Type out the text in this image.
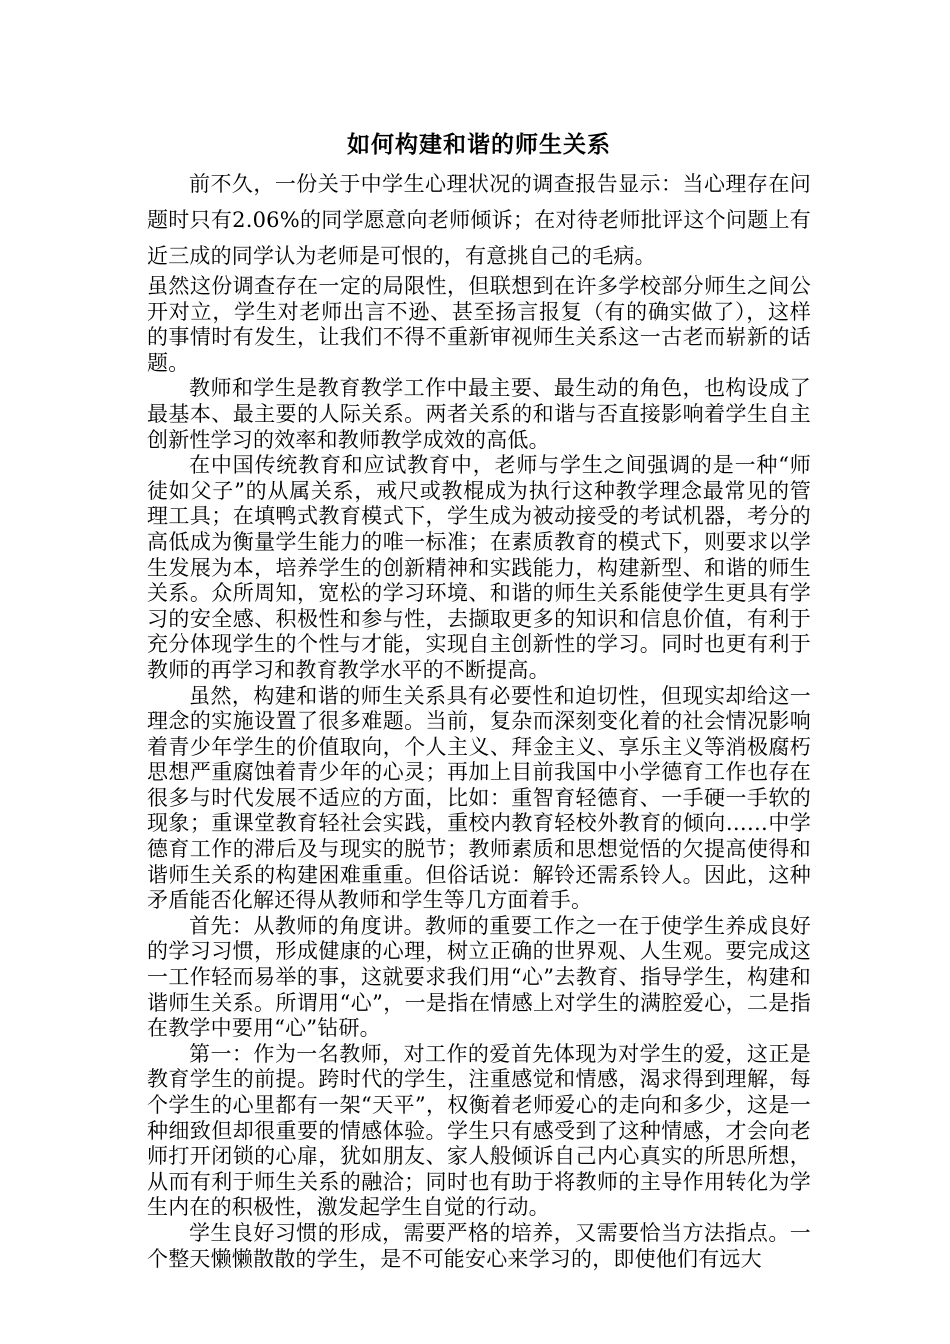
如何构建和谐的师生关系

前不久，一份关于中学生心理状况的调查报告显示：当心理存在问题时只有2.06%的同学愿意向老师倾诉；在对待老师批评这个问题上有近三成的同学认为老师是可恨的，有意挑自己的毛病。

虽然这份调查存在一定的局限性，但联想到在许多学校部分师生之间公开对立，学生对老师出言不逊、甚至扬言报复（有的确实做了），这样的事情时有发生，让我们不得不重新审视师生关系这一古老而崭新的话题。

教师和学生是教育教学工作中最主要、最生动的角色，也构设成了最基本、最主要的人际关系。两者关系的和谐与否直接影响着学生自主创新性学习的效率和教师教学成效的高低。

在中国传统教育和应试教育中，老师与学生之间强调的是一种“师徒如父子”的从属关系，戒尺或教棍成为执行这种教学理念最常见的管理工具；在填鸭式教育模式下，学生成为被动接受的考试机器，考分的高低成为衡量学生能力的唯一标准；在素质教育的模式下，则要求以学生发展为本，培养学生的创新精神和实践能力，构建新型、和谐的师生关系。众所周知，宽松的学习环境、和谐的师生关系能使学生更具有学习的安全感、积极性和参与性，去撷取更多的知识和信息价值，有利于充分体现学生的个性与才能，实现自主创新性的学习。同时也更有利于教师的再学习和教育教学水平的不断提高。

虽然，构建和谐的师生关系具有必要性和迫切性，但现实却给这一理念的实施设置了很多难题。当前，复杂而深刻变化着的社会情况影响着青少年学生的价值取向，个人主义、拜金主义、享乐主义等消极腐朽思想严重腐蚀着青少年的心灵；再加上目前我国中小学德育工作也存在很多与时代发展不适应的方面，比如：重智育轻德育、一手硬一手软的现象；重课堂教育轻社会实践，重校内教育轻校外教育的倾向……中学德育工作的滞后及与现实的脱节；教师素质和思想觉悟的欠提高使得和谐师生关系的构建困难重重。但俗话说：解铃还需系铃人。因此，这种矛盾能否化解还得从教师和学生等几方面着手。

首先：从教师的角度讲。教师的重要工作之一在于使学生养成良好的学习习惯，形成健康的心理，树立正确的世界观、人生观。要完成这一工作轻而易举的事，这就要求我们用“心”去教育、指导学生，构建和谐师生关系。所谓用“心”，一是指在情感上对学生的满腔爱心，二是指在教学中要用“心”钻研。

第一：作为一名教师，对工作的爱首先体现为对学生的爱，这正是教育学生的前提。跨时代的学生，注重感觉和情感，渴求得到理解，每个学生的心里都有一架“天平”，权衡着老师爱心的走向和多少，这是一种细致但却很重要的情感体验。学生只有感受到了这种情感，才会向老师打开闭锁的心扉，犹如朋友、家人般倾诉自己内心真实的所思所想，从而有利于师生关系的融洽；同时也有助于将教师的主导作用转化为学生内在的积极性，激发起学生自觉的行动。

学生良好习惯的形成，需要严格的培养，又需要恰当方法指点。一个整天懒懒散散的学生，是不可能安心来学习的，即使他们有远大
